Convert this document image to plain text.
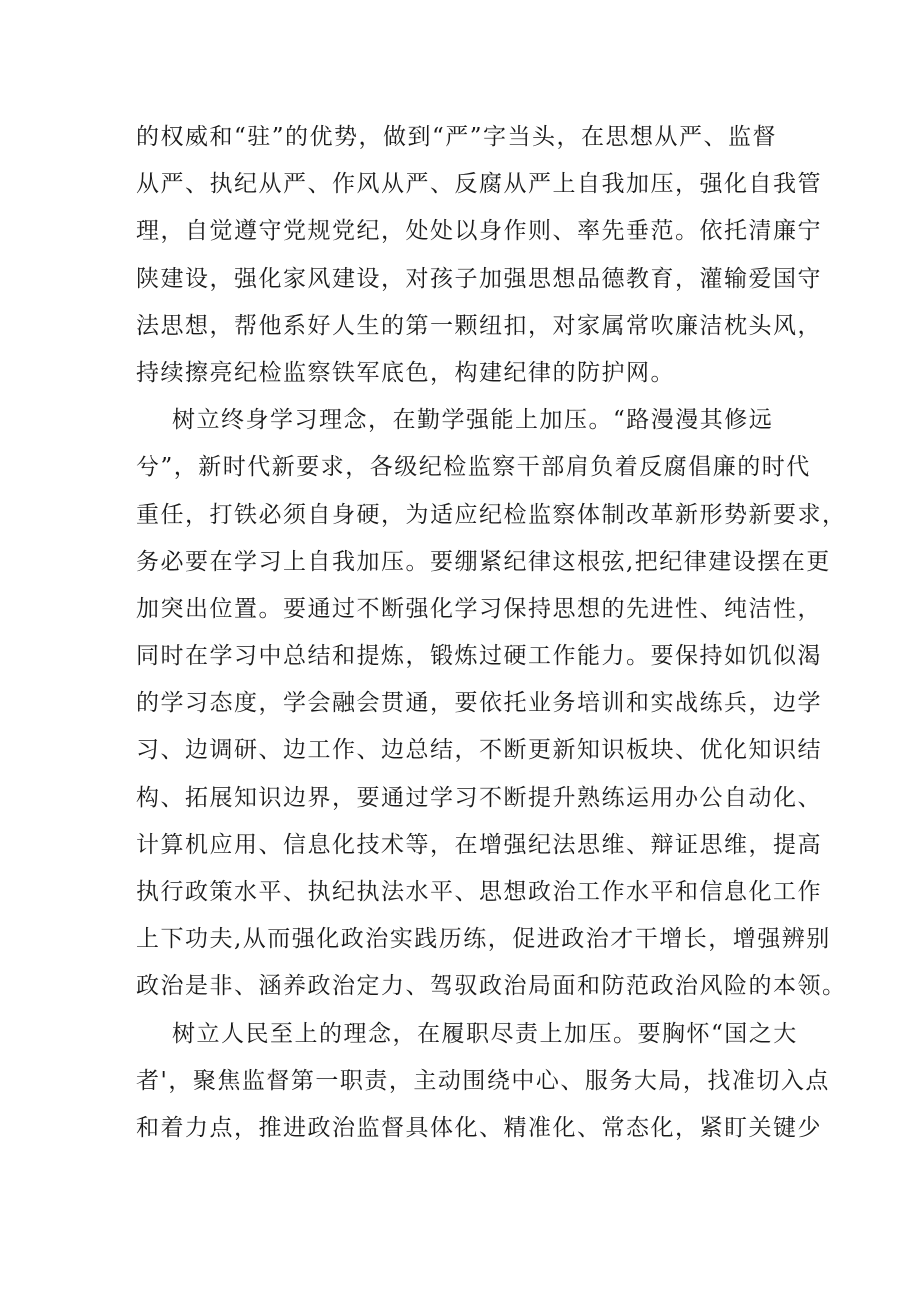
的权威和“驻”的优势，做到“严”字当头，在思想从严、监督
从严、执纪从严、作风从严、反腐从严上自我加压，强化自我管
理，自觉遵守党规党纪，处处以身作则、率先垂范。依托清廉宁
陕建设，强化家风建设，对孩子加强思想品德教育，灌输爱国守
法思想，帮他系好人生的第一颗纽扣，对家属常吹廉洁枕头风，
持续擦亮纪检监察铁军底色，构建纪律的防护网。
树立终身学习理念，在勤学强能上加压。“路漫漫其修远
兮”，新时代新要求，各级纪检监察干部肩负着反腐倡廉的时代
重任，打铁必须自身硬，为适应纪检监察体制改革新形势新要求，
务必要在学习上自我加压。要绷紧纪律这根弦,把纪律建设摆在更
加突出位置。要通过不断强化学习保持思想的先进性、纯洁性，
同时在学习中总结和提炼，锻炼过硬工作能力。要保持如饥似渴
的学习态度，学会融会贯通，要依托业务培训和实战练兵，边学
习、边调研、边工作、边总结，不断更新知识板块、优化知识结
构、拓展知识边界，要通过学习不断提升熟练运用办公自动化、
计算机应用、信息化技术等，在增强纪法思维、辩证思维，提高
执行政策水平、执纪执法水平、思想政治工作水平和信息化工作
上下功夫,从而强化政治实践历练，促进政治才干增长，增强辨别
政治是非、涵养政治定力、驾驭政治局面和防范政治风险的本领。
树立人民至上的理念，在履职尽责上加压。要胸怀“国之大
者'，聚焦监督第一职责，主动围绕中心、服务大局，找准切入点
和着力点，推进政治监督具体化、精准化、常态化，紧盯关键少
